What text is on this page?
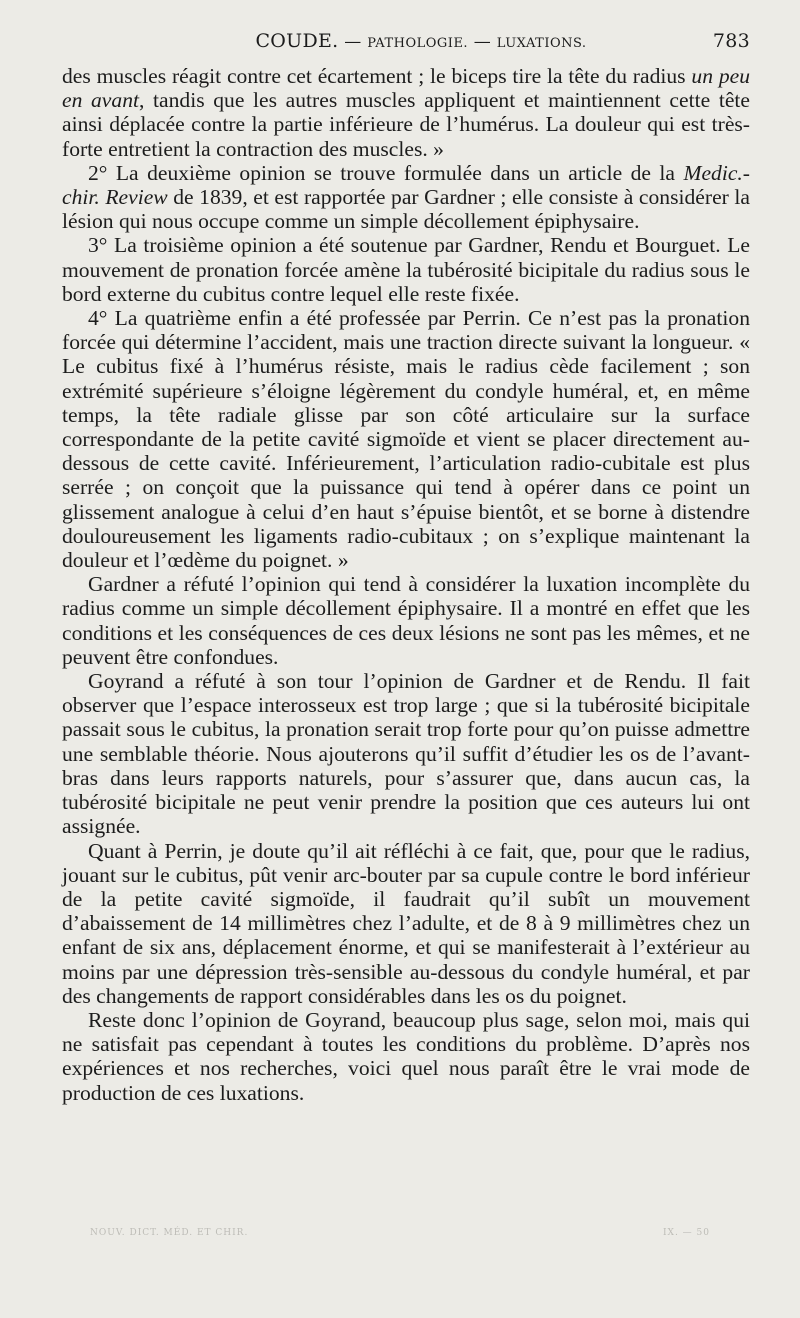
COUDE. — PATHOLOGIE. — LUXATIONS.	783

des muscles réagit contre cet écartement ; le biceps tire la tête du radius un peu en avant, tandis que les autres muscles appliquent et maintiennent cette tête ainsi déplacée contre la partie inférieure de l’humérus. La douleur qui est très-forte entretient la contraction des muscles. »

2° La deuxième opinion se trouve formulée dans un article de la Medic.-chir. Review de 1839, et est rapportée par Gardner ; elle consiste à considérer la lésion qui nous occupe comme un simple décollement épiphysaire.

3° La troisième opinion a été soutenue par Gardner, Rendu et Bourguet. Le mouvement de pronation forcée amène la tubérosité bicipitale du radius sous le bord externe du cubitus contre lequel elle reste fixée.

4° La quatrième enfin a été professée par Perrin. Ce n’est pas la pronation forcée qui détermine l’accident, mais une traction directe suivant la longueur. « Le cubitus fixé à l’humérus résiste, mais le radius cède facilement ; son extrémité supérieure s’éloigne légèrement du condyle huméral, et, en même temps, la tête radiale glisse par son côté articulaire sur la surface correspondante de la petite cavité sigmoïde et vient se placer directement au-dessous de cette cavité. Inférieurement, l’articulation radio-cubitale est plus serrée ; on conçoit que la puissance qui tend à opérer dans ce point un glissement analogue à celui d’en haut s’épuise bientôt, et se borne à distendre douloureusement les ligaments radio-cubitaux ; on s’explique maintenant la douleur et l’œdème du poignet. »

Gardner a réfuté l’opinion qui tend à considérer la luxation incomplète du radius comme un simple décollement épiphysaire. Il a montré en effet que les conditions et les conséquences de ces deux lésions ne sont pas les mêmes, et ne peuvent être confondues.

Goyrand a réfuté à son tour l’opinion de Gardner et de Rendu. Il fait observer que l’espace interosseux est trop large ; que si la tubérosité bicipitale passait sous le cubitus, la pronation serait trop forte pour qu’on puisse admettre une semblable théorie. Nous ajouterons qu’il suffit d’étudier les os de l’avant-bras dans leurs rapports naturels, pour s’assurer que, dans aucun cas, la tubérosité bicipitale ne peut venir prendre la position que ces auteurs lui ont assignée.

Quant à Perrin, je doute qu’il ait réfléchi à ce fait, que, pour que le radius, jouant sur le cubitus, pût venir arc-bouter par sa cupule contre le bord inférieur de la petite cavité sigmoïde, il faudrait qu’il subît un mouvement d’abaissement de 14 millimètres chez l’adulte, et de 8 à 9 millimètres chez un enfant de six ans, déplacement énorme, et qui se manifesterait à l’extérieur au moins par une dépression très-sensible au-dessous du condyle huméral, et par des changements de rapport considérables dans les os du poignet.

Reste donc l’opinion de Goyrand, beaucoup plus sage, selon moi, mais qui ne satisfait pas cependant à toutes les conditions du problème. D’après nos expériences et nos recherches, voici quel nous paraît être le vrai mode de production de ces luxations.

NOUV. DICT. MÉD. ET CHIR.	IX. — 50
